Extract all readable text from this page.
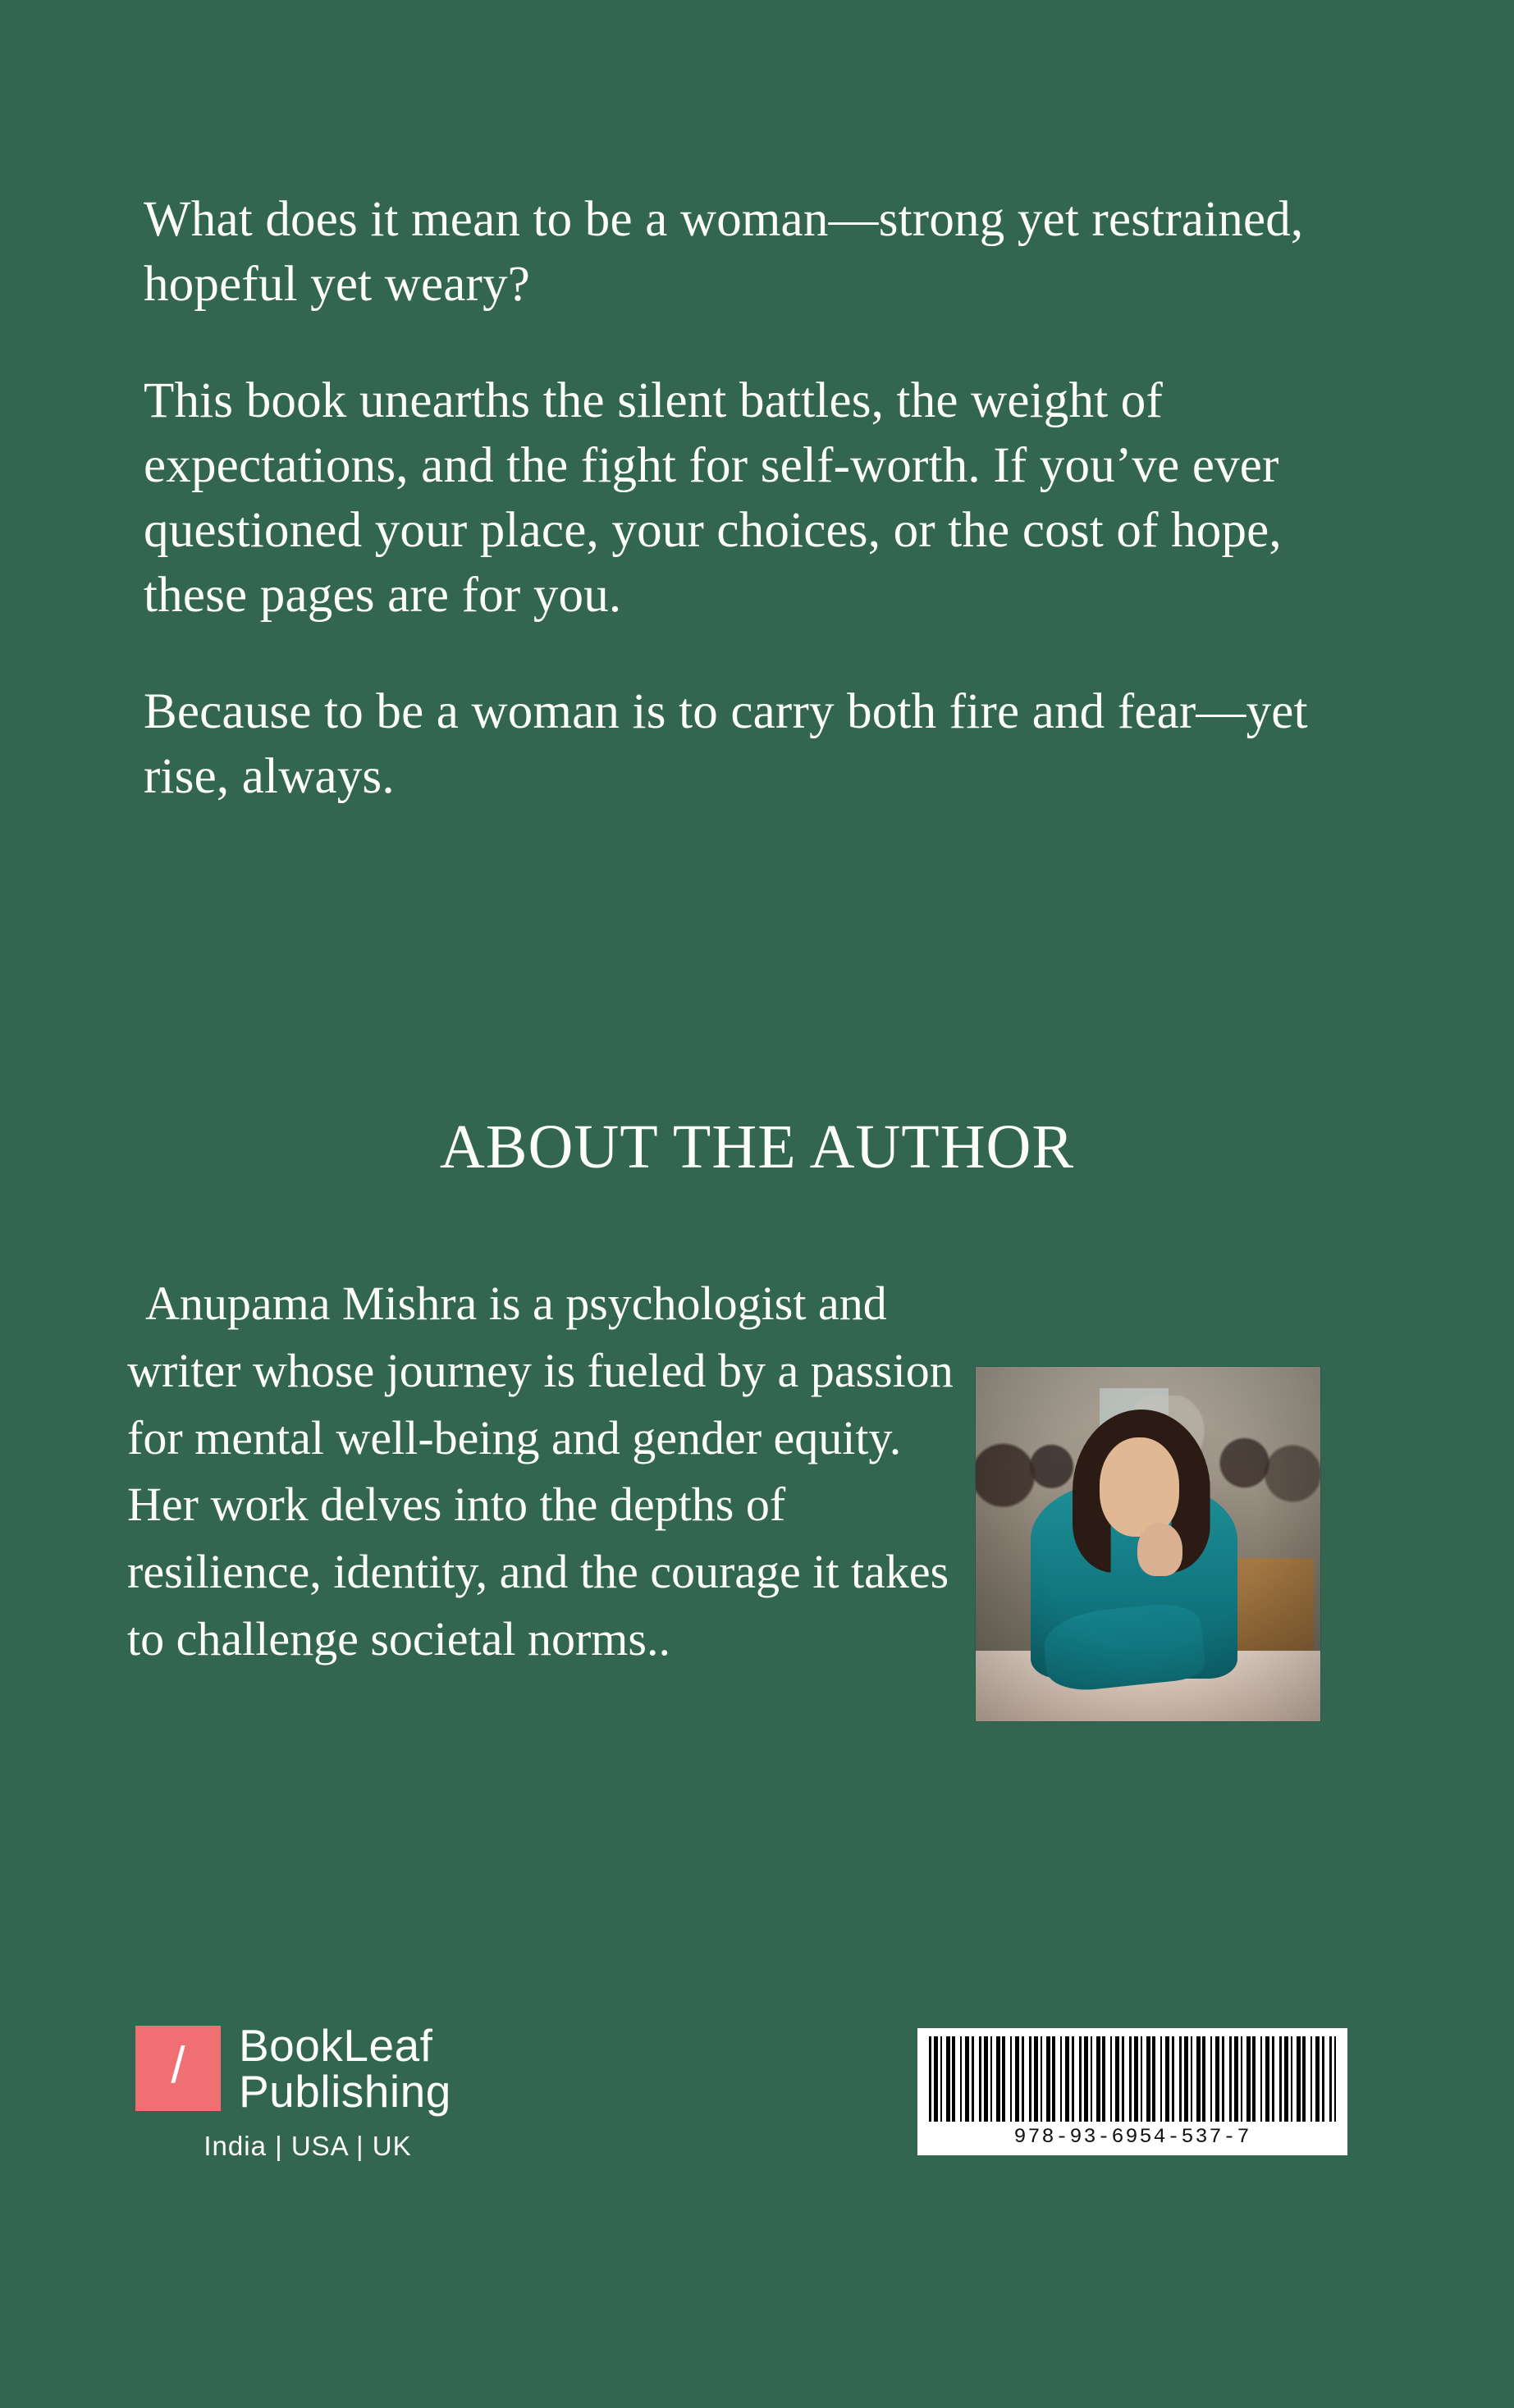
What does it mean to be a woman—strong yet restrained, hopeful yet weary?

This book unearths the silent battles, the weight of expectations, and the fight for self-worth. If you’ve ever questioned your place, your choices, or the cost of hope, these pages are for you.

Because to be a woman is to carry both fire and fear—yet rise, always.

ABOUT THE AUTHOR

Anupama Mishra is a psychologist and writer whose journey is fueled by a passion for mental well-being and gender equity. Her work delves into the depths of resilience, identity, and the courage it takes to challenge societal norms..

/ BookLeaf
Publishing
India | USA | UK	978-93-6954-537-7
